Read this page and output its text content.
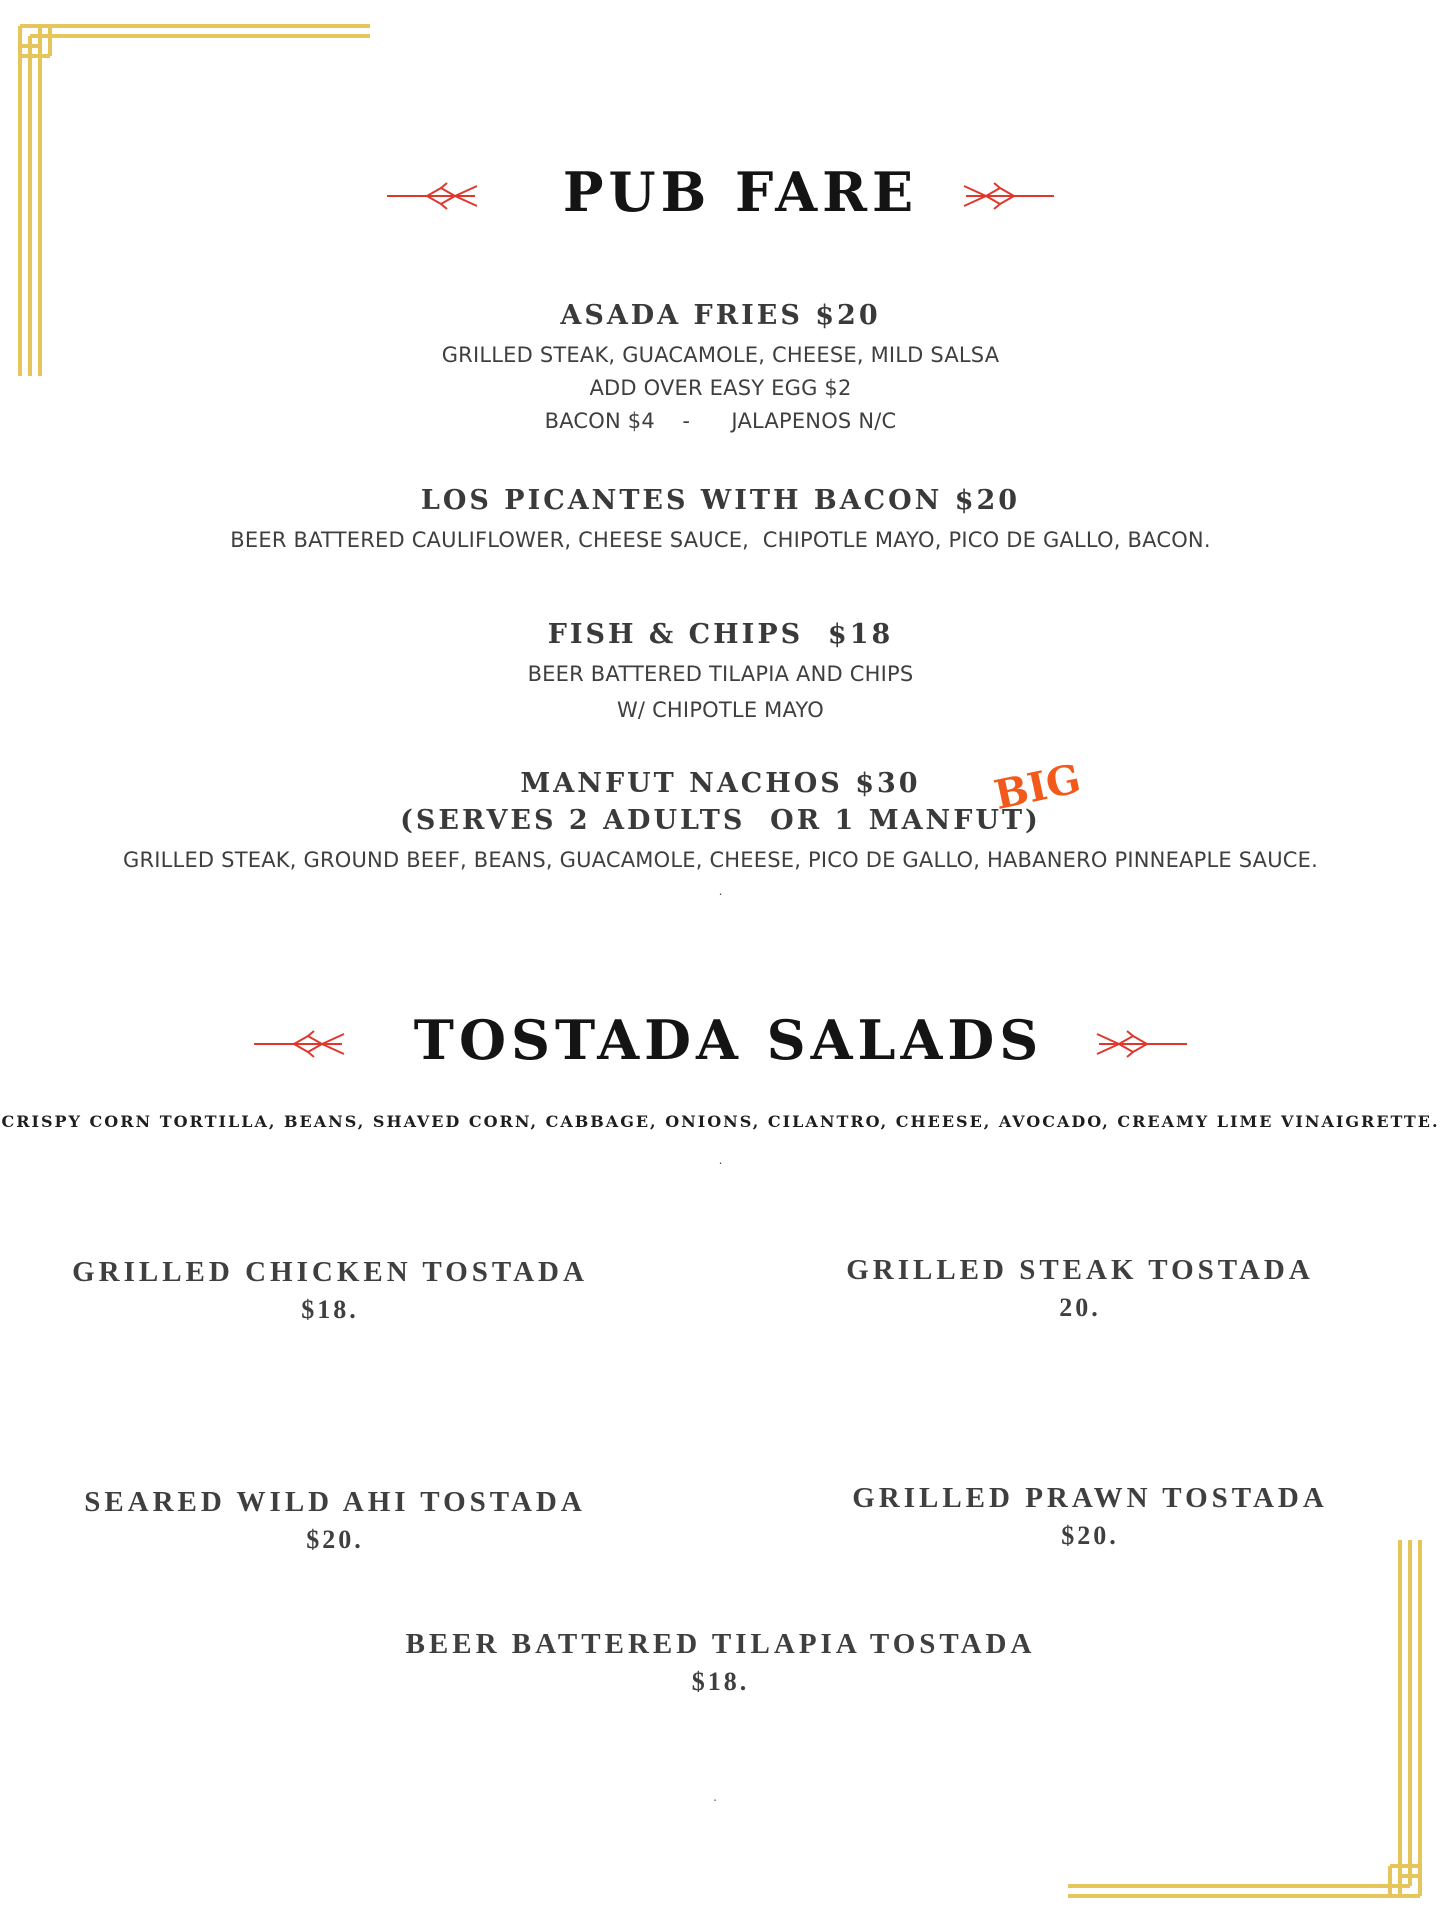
PUB FARE
ASADA FRIES $20
GRILLED STEAK, GUACAMOLE, CHEESE, MILD SALSA
ADD OVER EASY EGG $2
BACON $4    -      JALAPENOS N/C
LOS PICANTES WITH BACON $20
BEER BATTERED CAULIFLOWER, CHEESE SAUCE,  CHIPOTLE MAYO, PICO DE GALLO, BACON.
FISH & CHIPS  $18
BEER BATTERED TILAPIA AND CHIPS
W/ CHIPOTLE MAYO
MANFUT NACHOS $30
(SERVES 2 ADULTS  OR 1 MANFUT)
BIG
GRILLED STEAK, GROUND BEEF, BEANS, GUACAMOLE, CHEESE, PICO DE GALLO, HABANERO PINNEAPLE SAUCE.
.
TOSTADA SALADS
CRISPY CORN TORTILLA, BEANS, SHAVED CORN, CABBAGE, ONIONS, CILANTRO, CHEESE, AVOCADO, CREAMY LIME VINAIGRETTE.
.
GRILLED CHICKEN TOSTADA
$18.
GRILLED STEAK TOSTADA
20.
SEARED WILD AHI TOSTADA
$20.
GRILLED PRAWN TOSTADA
$20.
BEER BATTERED TILAPIA TOSTADA
$18.
.
